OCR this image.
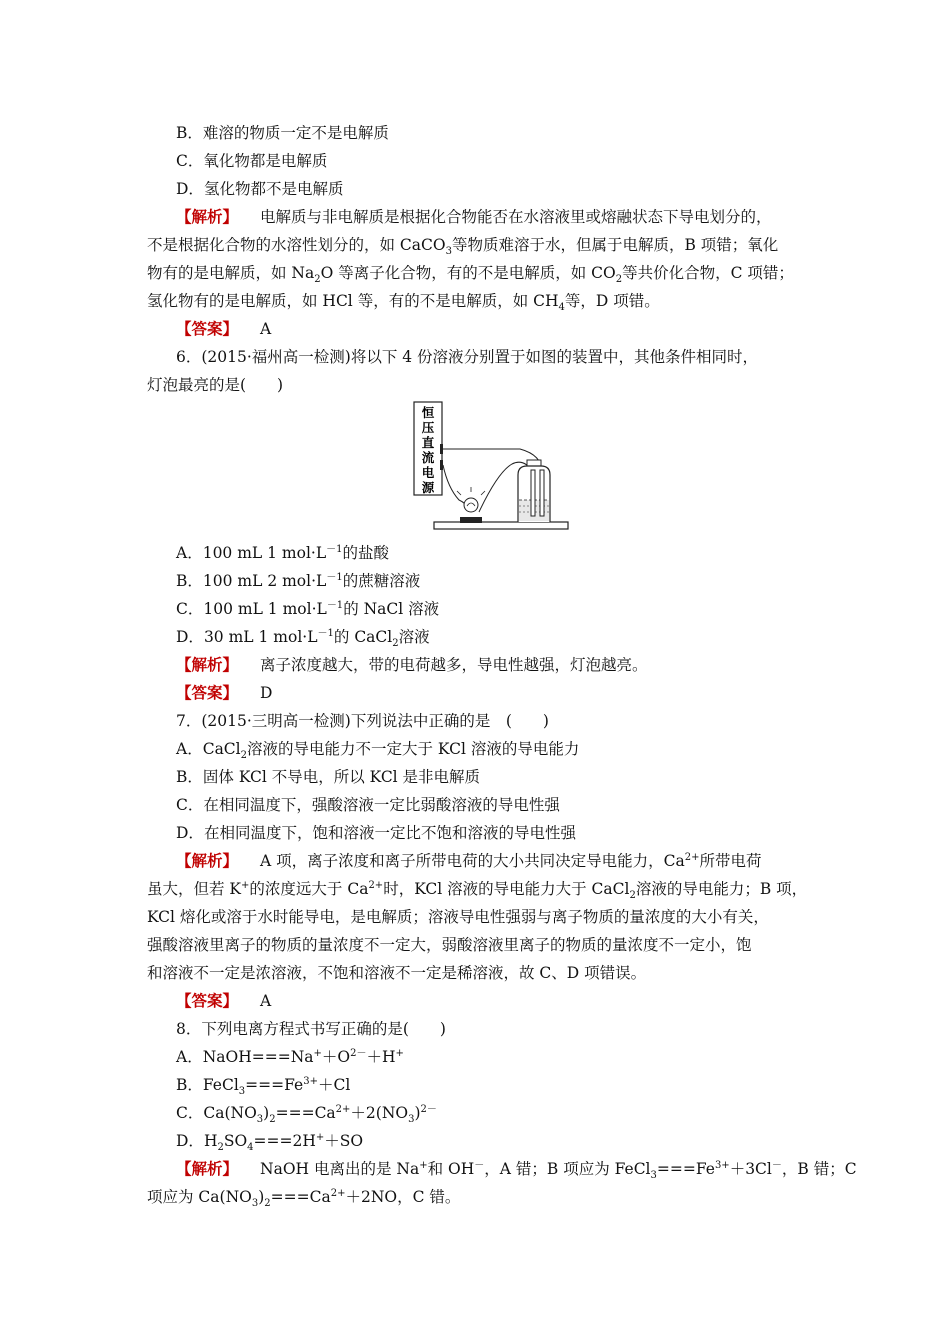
B．难溶的物质一定不是电解质
C．氧化物都是电解质
D．氢化物都不是电解质
【解析】 电解质与非电解质是根据化合物能否在水溶液里或熔融状态下导电划分的，
不是根据化合物的水溶性划分的，如 CaCO$_3$等物质难溶于水，但属于电解质，B 项错；氧化
物有的是电解质，如 $Na_2O$ 等离子化合物，有的不是电解质，如 $CO_2$等共价化合物，C 项错；
氢化物有的是电解质，如 HCl 等，有的不是电解质，如 $CH_4$等，D 项错。
【答案】 A
6．(2015·福州高一检测)将以下 4 份溶液分别置于如图的装置中，其他条件相同时，
灯泡最亮的是(　　)
恒
压
直
流
电
源
A．100 mL 1 $mol\cdot L^{-1}$的盐酸
B．100 mL 2 $mol\cdot L^{-1}$的蔗糖溶液
C．100 mL 1 $mol\cdot L^{-1}$的 NaCl 溶液
D．30 mL 1 $mol\cdot L^{-1}$的 CaCl$_2$溶液
【解析】 离子浓度越大，带的电荷越多，导电性越强，灯泡越亮。
【答案】 D
7．(2015·三明高一检测)下列说法中正确的是　(　　)
A．CaCl$_2$溶液的导电能力不一定大于 KCl 溶液的导电能力
B．固体 KCl 不导电，所以 KCl 是非电解质
C．在相同温度下，强酸溶液一定比弱酸溶液的导电性强
D．在相同温度下，饱和溶液一定比不饱和溶液的导电性强
【解析】 A 项，离子浓度和离子所带电荷的大小共同决定导电能力，$Ca^{2+}$所带电荷
虽大，但若 K+的浓度远大于 $Ca^{2+}$时，KCl 溶液的导电能力大于 CaCl$_2$溶液的导电能力；B 项，
KCl 熔化或溶于水时能导电，是电解质；溶液导电性强弱与离子物质的量浓度的大小有关，
强酸溶液里离子的物质的量浓度不一定大，弱酸溶液里离子的物质的量浓度不一定小，饱
和溶液不一定是浓溶液，不饱和溶液不一定是稀溶液，故 C、D 项错误。
【答案】 A
8．下列电离方程式书写正确的是(　　)
A．$NaOH===Na^++O^{2-}+H^+$
B．$FeCl_3===Fe^{3+}+Cl$
C．$Ca(NO_3)_2===Ca^{2+}+2(NO_3)^{2-}$
D．$H_2SO_4===2H^++SO$
【解析】 NaOH 电离出的是 Na+和 OH－，A 错；B 项应为 $FeCl_3===Fe^{3+}+3Cl^-$，B 错；C
项应为 $Ca(NO_3)_2===Ca^{2+}+2NO$，C 错。
